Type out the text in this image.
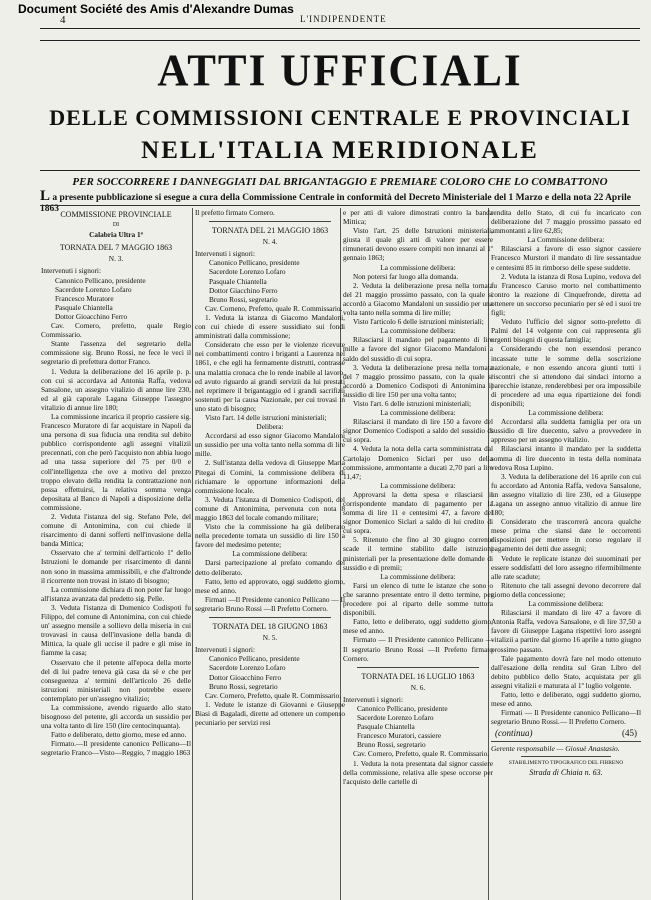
Document Société des Amis d'Alexandre Dumas
4	L'INDIPENDENTE
ATTI UFFICIALI
DELLE COMMISSIONI CENTRALE E PROVINCIALI
NELL'ITALIA MERIDIONALE
PER SOCCORRERE I DANNEGGIATI DAL BRIGANTAGGIO E PREMIARE COLORO CHE LO COMBATTONO
L a presente pubblicazione si esegue a cura della Commissione Centrale in conformità del Decreto Ministeriale del 1 Marzo e della nota 22 Aprile 1863

COMMISSIONE PROVINCIALE

DI

Calabria Ultra 1ª

TORNATA DEL 7 MAGGIO 1863

N. 3.

Intervenuti i signori:

Canonico Pellicano, presidente

Sacerdote Lorenzo Lofaro

Francesco Muratore

Pasquale Chiantella

Dottor Gioacchino Ferro

Cav. Cornero, prefetto, quale Regio Commissario.

Stante l'assenza del segretario della commissione sig. Bruno Rossi, ne fece le veci il segretario di prefettura dottor Franco.

1. Veduta la deliberazione del 16 aprile p. p. con cui si accordava ad Antonia Raffa, vedova Sansalone, un assegno vitalizio di annue lire 230, ed al già caporale Lagana Giuseppe l'assegno vitalizio di annue lire 180;

La commissione incarica il proprio cassiere sig. Francesco Muratore di far acquistare in Napoli da una persona di sua fiducia una rendita sul debito pubblico corrispondente agli assegni vitalizii precennati, con che però l'acquisto non abbia luogo ad una tassa superiore del 75 per 0/0 e coll'intelligenza che ove a motivo del prezzo troppo elevato della rendita la contrattazione non possa effettuirsi, la relativa somma venga depositata al Banco di Napoli a disposizione della commissione.

2. Veduta l'istanza del sig. Stefano Pele, del comune di Antonimina, con cui chiede il risarcimento di danni sofferti nell'invasione della banda Mittica;

Osservato che a' termini dell'articolo 1º dello Istruzioni le domande per risarcimento di danni non sono in massima ammissibili, e che d'altronde il ricorrente non trovasi in istato di bisogno;

La commissione dichiara di non poter far luogo all'istanza avanzata dal predetto sig. Pelle.

3. Veduta l'istanza di Domenico Codispoti fu Filippo, del comune di Antonimina, con cui chiede un' assegno mensile a sollievo della miseria in cui trovavasi in causa dell'invasione della banda di Mittica, la quale gli uccise il padre e gli mise in fiamme la casa;

Osservato che il petente all'epoca della morte del di lui padre teneva già casa da sè e che per conseguenza a' termini dell'articolo 26 delle istruzioni ministeriali non potrebbe essere contemplato per un'assegno vitalizio;

La commissione, avendo riguardo allo stato bisognoso del petente, gli accorda un sussidio per una volta tanto di lire 150 (lire centocinquanta).

Fatto e deliberato, detto giorno, mese ed anno.

Firmato.—Il presidente canonico Pellicano—Il segretario Franco—Visto—Reggio, 7 maggio 1863

Il prefetto firmato Cornero.

TORNATA DEL 21 MAGGIO 1863

N. 4.

Intervenuti i signori:

Canonico Pellicano, presidente

Sacerdote Lorenzo Lofaro

Pasquale Chiantella

Dottor Giacchino Ferro

Bruno Rossi, segretario

Cav. Corneno, Prefetto, quale R. Commissario.

1. Veduta la istanza di Giacomo Mandaloni, con cui chiede di essere sussidiato sui fondi amministrati dalla commissione;

Considerato che esso per le violenze ricevute nei combattimenti contro i briganti a Laurenza nel 1861, e che egli ha fermamente distrutti, contrasse una malattia cronaca che lo rende inabile al lavoro, ed avuto riguardo ai grandi servizii da lui prestati nel reprimere il brigantaggio ed i grandi sacrifizii sostenuti per la causa Nazionale, per cui trovasi in uno stato di bisogno;

Visto l'art. 14 delle istruzioni ministeriali;

Delibera:

Accordarsi ad esso signor Giacomo Mandaloni un sussidio per una volta tanto nella somma di lire mille.

2. Sull'istanza della vedova di Giuseppe Maria Pitegai di Comini, la commissione delibera di richiamare le opportune informazioni della commissione locale.

3. Veduta l'istanza di Domenico Codispoti, del comune di Antonimina, pervenuta con nota 8 maggio 1863 del locale comando militare;

Visto che la commissione ha già deliberato nella precedente tornata un sussidio di lire 150 a favore del medesimo petente;

La commissione delibera:

Darsi partecipazione al prefato comando del detto deliberato.

Fatto, letto ed approvato, oggi suddetto giorno, mese ed anno.

Firmati —Il Presidente canonico Pellicano — Il segretario Bruno Rossi —Il Prefetto Cornero.

TORNATA DEL 18 GIUGNO 1863

N. 5.

Intervenuti i signori:

Canonico Pellicano, presidente

Sacerdote Lorenzo Lofaro

Dottor Gioacchino Ferro

Bruno Rossi, segretario

Cav. Cornero, Prefetto, quale R. Commissario.

1. Vedute le istanze di Giovanni e Giuseppe Biasi di Bagaladi, dirette ad ottenere un compenso pecuniario per servizi resi

e per atti di valore dimostrati contro la banda Mittica;

Visto l'art. 25 delle Istruzioni ministeriali, giusta il quale gli atti di valore per essere rimunerati devono essere compiti non innanzi al 1º gennaio 1863;

La commissione delibera:

Non potersi far luogo alla domanda.

2. Veduta la deliberazione presa nella tornata del 21 maggio prossimo passato, con la quale si accordò a Giacomo Mandaloni un sussidio per una volta tanto nella somma di lire mille;

Visto l'articolo 6 delle istruzioni ministeriali;

La commissione delibera:

Rilasciarsi il mandato pel pagamento di lire mille a favore del signor Giacomo Mandaloni a saldo del sussidio di cui sopra.

3. Veduta la deliberazione presa nella tornata del 7 maggio prossimo passato, con la quale si accordò a Domenico Codispoti di Antonimina il sussidio di lire 150 per una volta tanto;

Visto l'art. 6 delle istruzioni ministeriali;

La commissione delibera:

Rilasciarsi il mandato di lire 150 a favore del signor Domenico Codispoti a saldo del sussidio di cui sopra.

4. Veduta la nota della carta somministrata dal Cartolajo Domenico Siclari per uso della commissione, ammontante a ducati 2,70 pari a lire 11,47;

La commissione delibera:

Approvarsi la detta spesa e rilasciarsi il corrispondente mandato di pagamento per la somma di lire 11 e centesimi 47, a favore del signor Domenico Siclari a saldo di lui credito di cui sopra.

5. Ritenuto che fino al 30 giugno corrente scade il termine stabilito dalle istruzioni ministeriali per la presentazione delle domande di sussidio e di premii;

La commissione delibera:

Farsi un elenco di tutte le istanze che sono o che saranno presentate entro il detto termine, per procedere poi al riparto delle somme tuttora disponibili.

Fatto, letto e deliberato, oggi suddetto giorno, mese ed anno.

Firmato — Il Presidente canonico Pellicano —Il segretario Bruno Rossi —Il Prefetto firmato Cornero.

TORNATA DEL 16 LUGLIO 1863

N. 6.

Intervenuti i signori:

Canonico Pellicano, presidente

Sacerdote Lorenzo Lofaro

Pasquale Chiantella

Francesco Muratori, cassiere

Bruno Rossi, segretario

Cav. Cornero, Prefetto, quale R. Commissario.

1. Veduta la nota presentata dal signor cassiere della commissione, relativa alle spese occorse per l'acquisto delle cartelle di

rendita dello Stato, di cui fu incaricato con deliberazione del 7 maggio prossimo passato ed ammontanti a lire 62,85;

La Commissione delibera:

Rilasciarsi a favore di esso signor cassiere Francesco Murstori il mandato di lire sessantadue e centesimi 85 in rimborso delle spese suddette.

2. Veduta la istanza di Rosa Lupino, vedova del fu Francesco Caruso morto nel combattimento contro la reazione di Cinquefronde, diretta ad ottenere un soccorso pecuniario per sè ed i suoi tre figli;

Veduto l'ufficio del signor sotto-prefetto di Palmi del 14 volgente con cui rappresenta gli urgenti bisogni di questa famiglia;

Considerando che non essendosi peranco incassate tutte le somme della soscrizione nazionale, e non essendo ancora giunti tutti i riscontri che si attendono dai sindaci intorno a parecchie istanze, renderebbesi per ora impossibile di procedere ad una equa ripartizione dei fondi disponibili;

La commissione delibera:

Accordarsi alla suddetta famiglia per ora un sussidio di lire duecento, salvo a provvedere in appresso per un assegno vitalizio.

Rilasciarsi intanto il mandato per la suddetta somma di lire duecento in testa della nominata vedova Rosa Lupino.

3. Veduta la deliberazione del 16 aprile con cui fu accordato ad Antonia Raffa, vedova Sansalone, un assegno vitalizio di lire 230, ed a Giuseppe Lagana un assegno annuo vitalizio di annue lire 180;

Considerato che trascorrerà ancora qualche mese prima che siansi date le occorrenti disposizioni per mettere in corso regolare il pagamento dei detti due assegni;

Vedute le replicate istanze dei suuominati per essere soddisfatti del loro assegno rifermibilmente alle rate scadute;

Ritenuto che tali assegni devono decorrere dal giorno della concessione;

La commissione delibera:

Rilasciarsi il mandato di lire 47 a favore di Antonia Raffa, vedova Sansalone, e di lire 37,50 a favore di Giuseppe Lagana rispettivi loro assegni vitalizii a partire dal giorno 16 aprile a tutto giugno prossimo passato.

Tale pagamento dovrà fare nel modo ottenuto dall'esazione della rendita sul Gran Libro del debito pubblico dello Stato, acquistata per gli assegni vitalizii e maturata al 1º luglio volgente.

Fatto, letto e deliberato, oggi suddetto giorno, mese ed anno.

Firmati — Il Presidente canonico Pellicano—Il segretario Bruno Rossi.— Il Prefetto Cornero.

(continua)	(45)

Gerente responsabile — Giosuè Anastasio.

STABILIMENTO TIPOGRAFICO DEL FIBRENO

Strada di Chiaia n. 63.
